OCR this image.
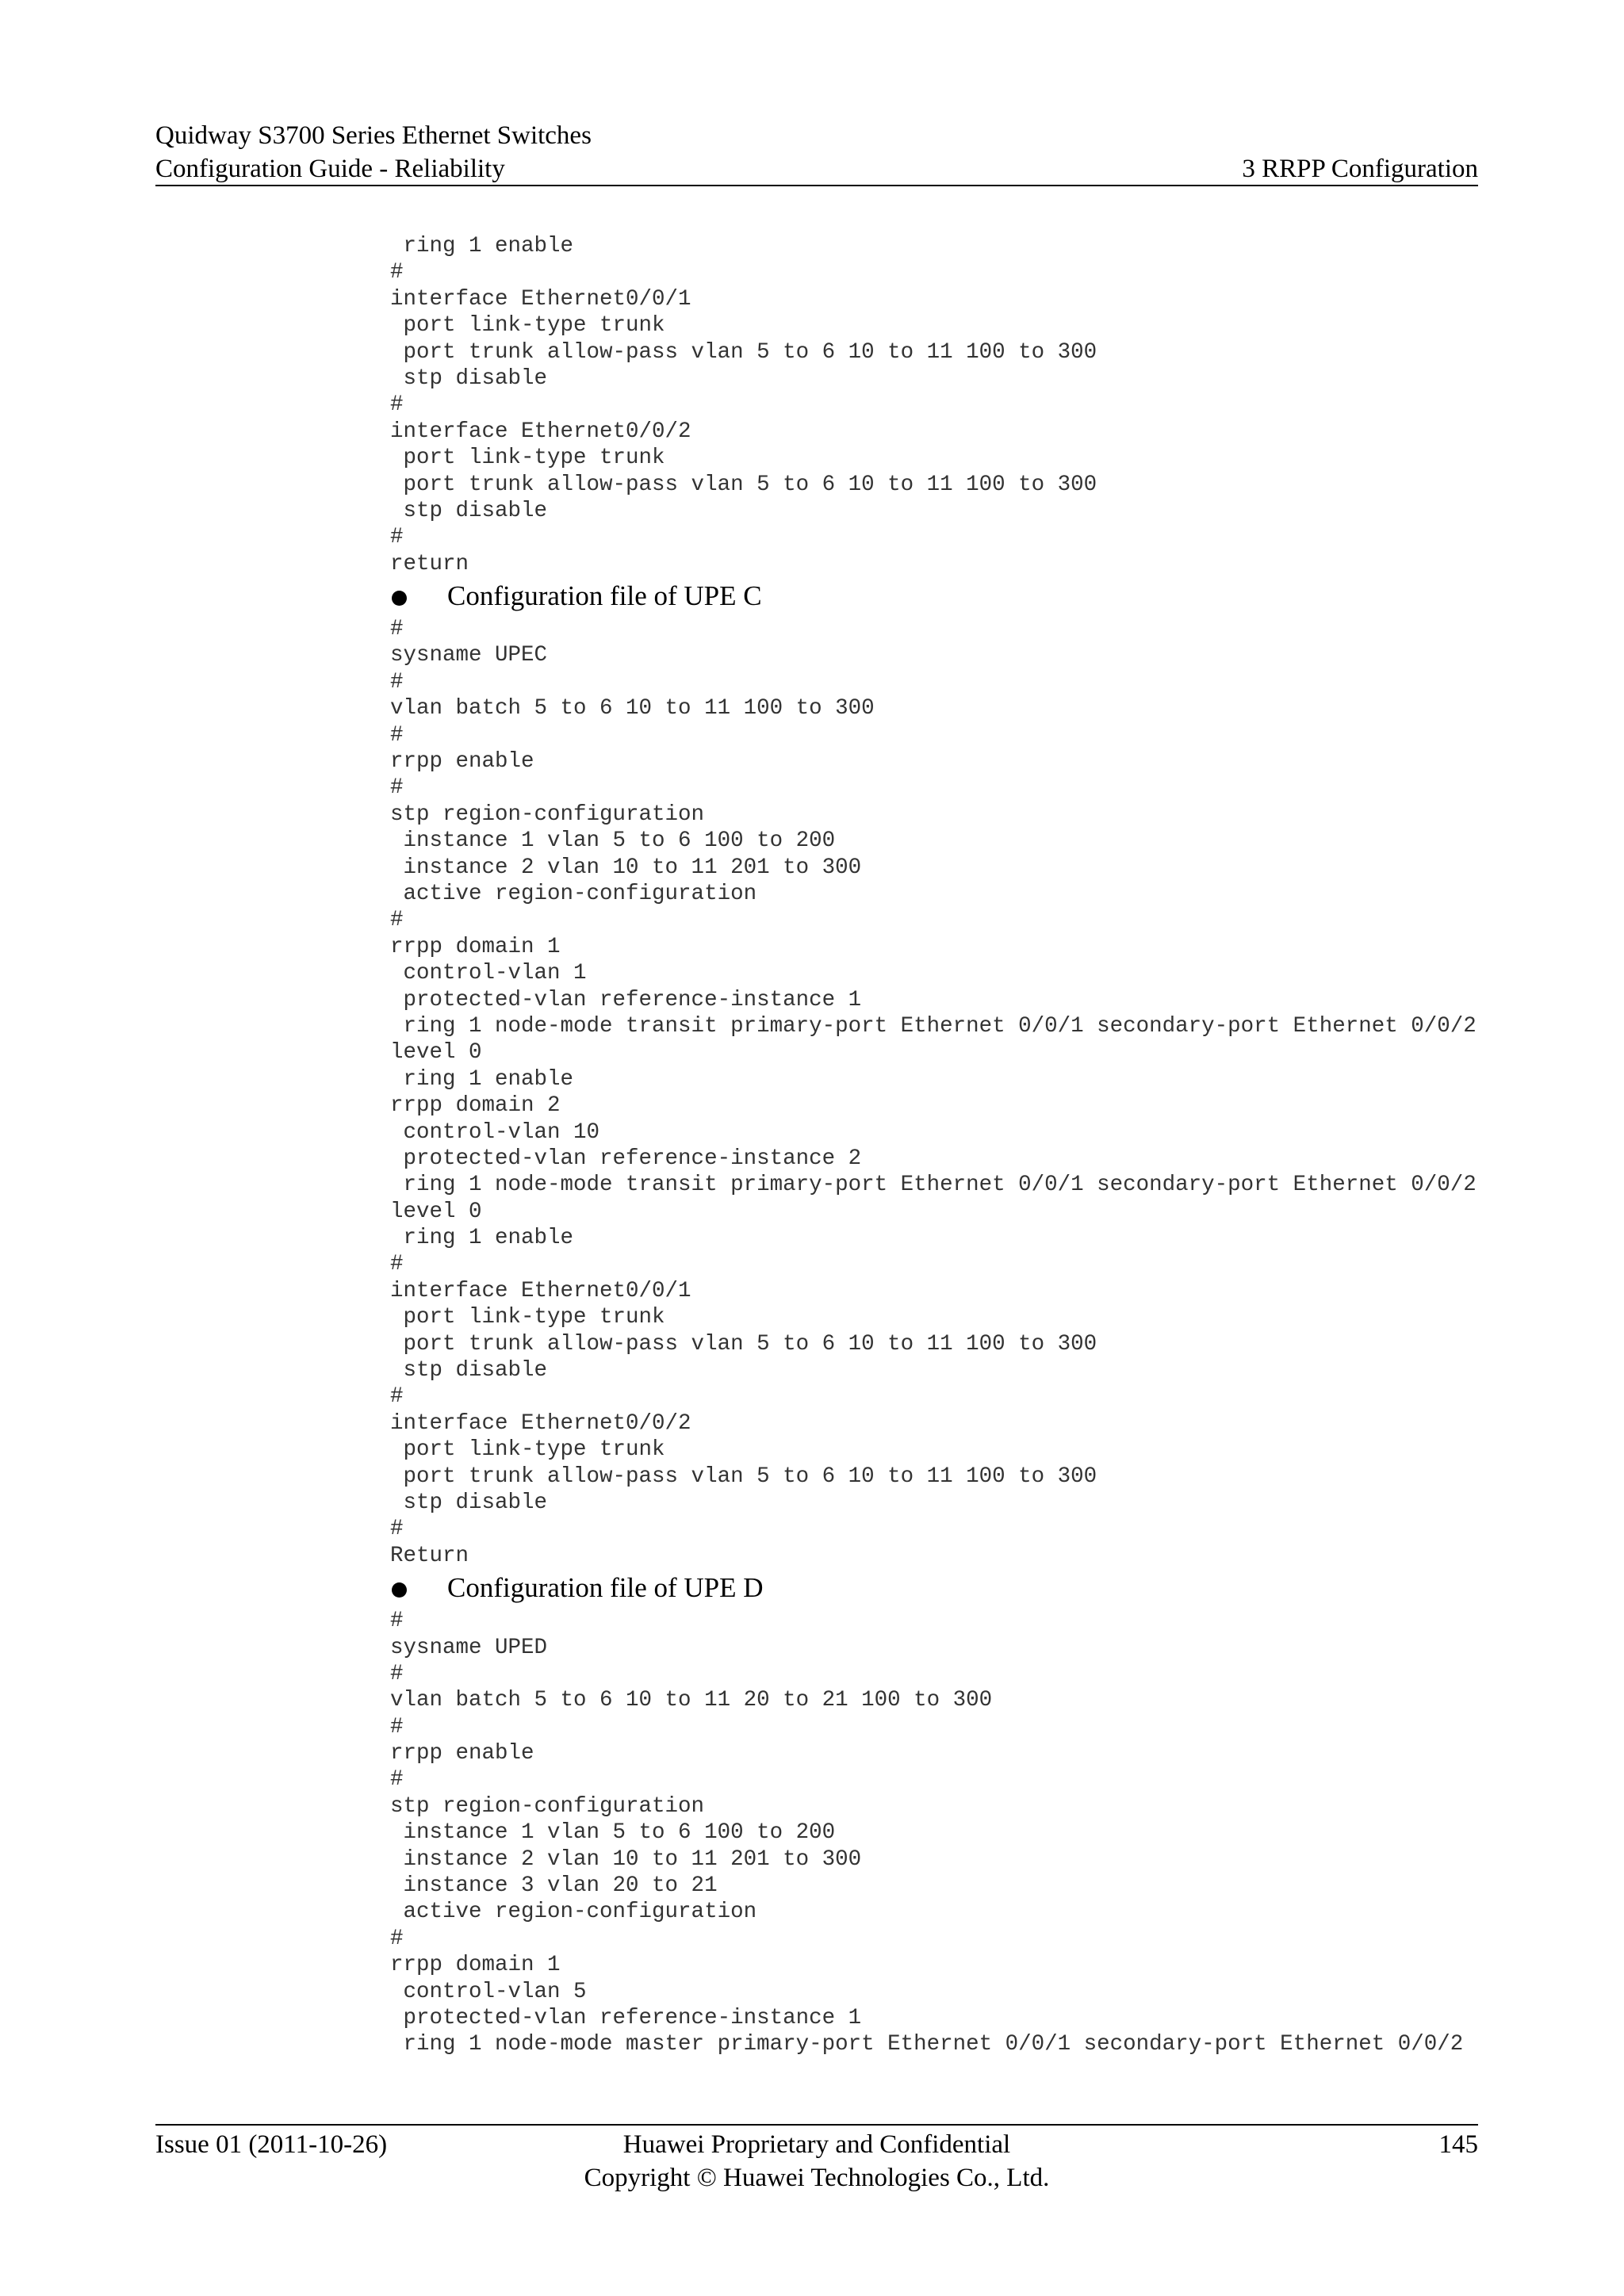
Quidway S3700 Series Ethernet Switches
Configuration Guide - Reliability	3 RRPP Configuration
ring 1 enable
#
interface Ethernet0/0/1
port link-type trunk
port trunk allow-pass vlan 5 to 6 10 to 11 100 to 300
stp disable
#
interface Ethernet0/0/2
port link-type trunk
port trunk allow-pass vlan 5 to 6 10 to 11 100 to 300
stp disable
#
return
Configuration file of UPE C
#
sysname UPEC
#
vlan batch 5 to 6 10 to 11 100 to 300
#
rrpp enable
#
stp region-configuration
instance 1 vlan 5 to 6 100 to 200
instance 2 vlan 10 to 11 201 to 300
active region-configuration
#
rrpp domain 1
control-vlan 1
protected-vlan reference-instance 1
ring 1 node-mode transit primary-port Ethernet 0/0/1 secondary-port Ethernet 0/0/2
level 0
ring 1 enable
rrpp domain 2
control-vlan 10
protected-vlan reference-instance 2
ring 1 node-mode transit primary-port Ethernet 0/0/1 secondary-port Ethernet 0/0/2
level 0
ring 1 enable
#
interface Ethernet0/0/1
port link-type trunk
port trunk allow-pass vlan 5 to 6 10 to 11 100 to 300
stp disable
#
interface Ethernet0/0/2
port link-type trunk
port trunk allow-pass vlan 5 to 6 10 to 11 100 to 300
stp disable
#
Return
Configuration file of UPE D
#
sysname UPED
#
vlan batch 5 to 6 10 to 11 20 to 21 100 to 300
#
rrpp enable
#
stp region-configuration
instance 1 vlan 5 to 6 100 to 200
instance 2 vlan 10 to 11 201 to 300
instance 3 vlan 20 to 21
active region-configuration
#
rrpp domain 1
control-vlan 5
protected-vlan reference-instance 1
ring 1 node-mode master primary-port Ethernet 0/0/1 secondary-port Ethernet 0/0/2
Issue 01 (2011-10-26)	Huawei Proprietary and Confidential
Copyright © Huawei Technologies Co., Ltd.
145
